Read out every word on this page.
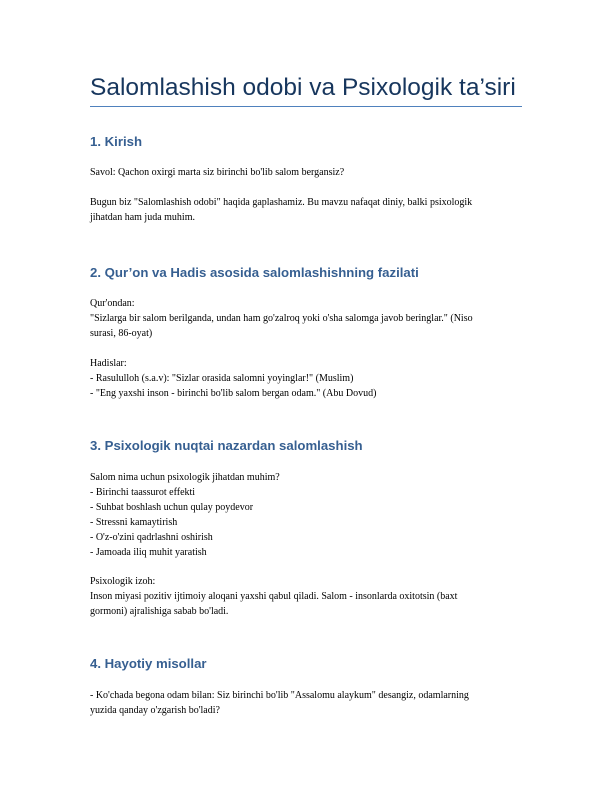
Salomlashish odobi va Psixologik ta’siri
1. Kirish

Savol: Qachon oxirgi marta siz birinchi bo'lib salom bergansiz?

Bugun biz "Salomlashish odobi" haqida gaplashamiz. Bu mavzu nafaqat diniy, balki psixologik

jihatdan ham juda muhim.

2. Qur’on va Hadis asosida salomlashishning fazilati

Qur'ondan:

"Sizlarga bir salom berilganda, undan ham go'zalroq yoki o'sha salomga javob beringlar." (Niso

surasi, 86-oyat)

Hadislar:

- Rasululloh (s.a.v): "Sizlar orasida salomni yoyinglar!" (Muslim)

- "Eng yaxshi inson - birinchi bo'lib salom bergan odam." (Abu Dovud)

3. Psixologik nuqtai nazardan salomlashish

Salom nima uchun psixologik jihatdan muhim?

- Birinchi taassurot effekti

- Suhbat boshlash uchun qulay poydevor

- Stressni kamaytirish

- O'z-o'zini qadrlashni oshirish

- Jamoada iliq muhit yaratish

Psixologik izoh:

Inson miyasi pozitiv ijtimoiy aloqani yaxshi qabul qiladi. Salom - insonlarda oxitotsin (baxt

gormoni) ajralishiga sabab bo'ladi.

4. Hayotiy misollar

- Ko'chada begona odam bilan: Siz birinchi bo'lib "Assalomu alaykum" desangiz, odamlarning

yuzida qanday o'zgarish bo'ladi?
